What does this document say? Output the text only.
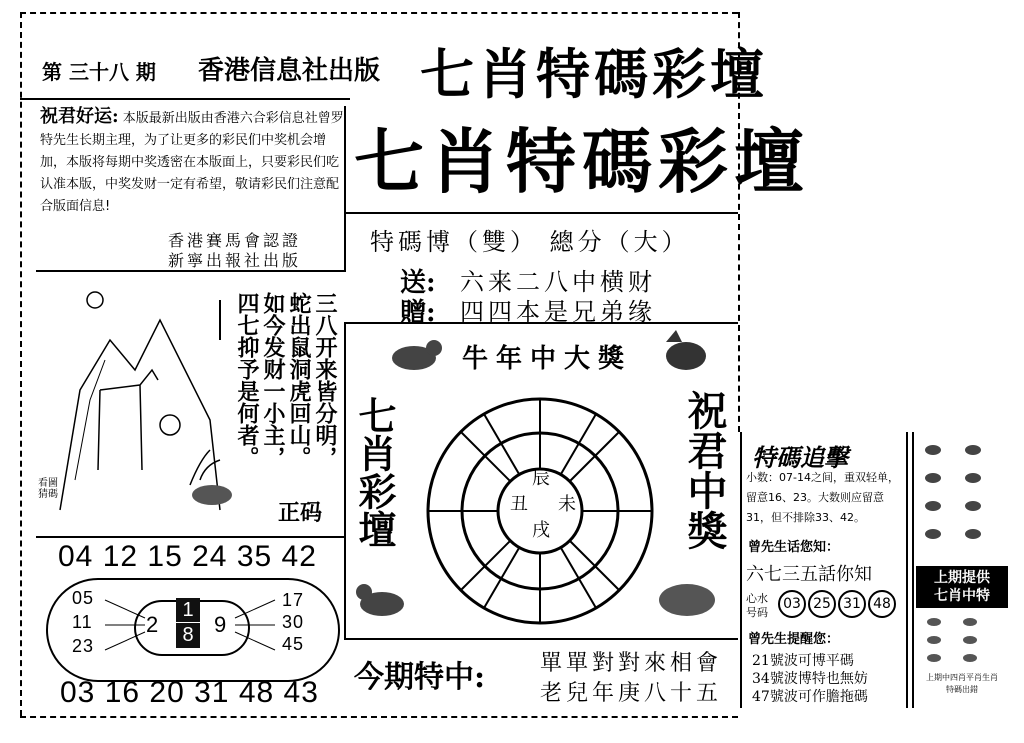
第 三十八 期 香港信息社出版 七肖特碼彩壇
祝君好运: 本版最新出版由香港六合彩信息社曾罗特先生长期主理，为了让更多的彩民们中奖机会增加，本版将每期中奖透密在本版面上，只要彩民们吃认准本版，中奖发财一定有希望，敬请彩民们注意配合版面信息!
香港賽馬會認證
新寧出報社出版
七肖特碼彩壇
特碼博（雙） 總分（大）
送: 六来二八中横财
贈: 四四本是兄弟缘
看圖猜碼
三八开来皆分明，
蛇出鼠洞虎回山。
如今发财一小主，
四七抑予是何者。
正码
04 12 15 24 35 42
05
11
23
2
1
8 9
17
30
45
03 16 20 31 48 43
牛年中大獎
七肖彩壇	祝君中獎
辰
丑 未
戌
今期特中: 單單對對來相會
老兒年庚八十五
特碼追擊
小数：07-14之间，重双轻单，留意16、23。大数则应留意31，但不排除33、42。
曾先生话您知：
六七三五話你知
心水
号码
03 25 31 48
曾先生提醒您：
21號波可博平碼
34號波博特也無妨
47號波可作膽拖碼
上期提供
七肖中特
上期中四肖平肖生肖
特碼出錯
